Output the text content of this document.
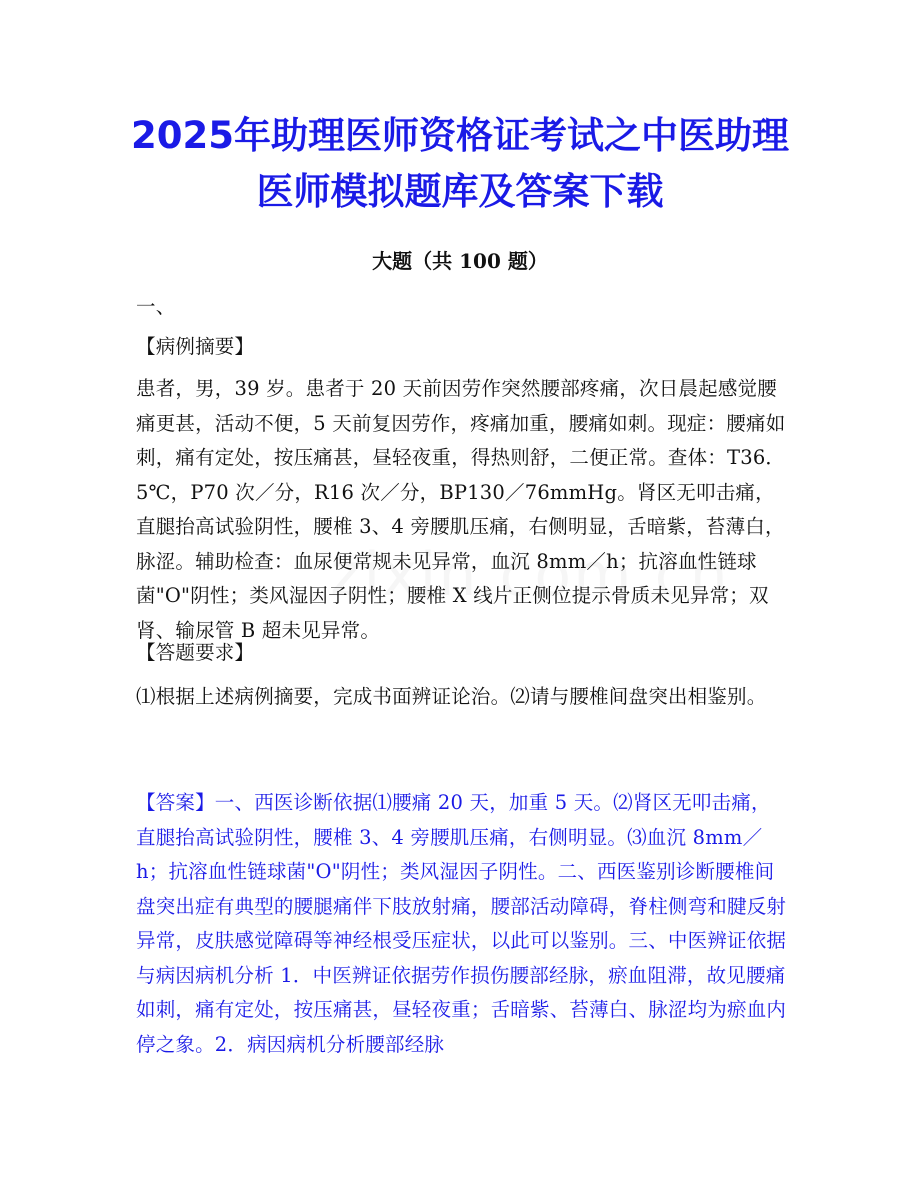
2025年助理医师资格证考试之中医助理
医师模拟题库及答案下载
大题（共 100 题）
一、
【病例摘要】
患者，男，39 岁。患者于 20 天前因劳作突然腰部疼痛，次日晨起感觉腰痛更甚，活动不便，5 天前复因劳作，疼痛加重，腰痛如刺。现症：腰痛如刺，痛有定处，按压痛甚，昼轻夜重，得热则舒，二便正常。查体：T36．5℃，P70 次／分，R16 次／分，BP130／76mmHg。肾区无叩击痛，直腿抬高试验阴性，腰椎 3、4 旁腰肌压痛，右侧明显，舌暗紫，苔薄白，脉涩。辅助检查：血尿便常规未见异常，血沉 8mm／h；抗溶血性链球菌"O"阴性；类风湿因子阴性；腰椎 X 线片正侧位提示骨质未见异常；双肾、输尿管 B 超未见异常。
【答题要求】
⑴根据上述病例摘要，完成书面辨证论治。⑵请与腰椎间盘突出相鉴别。
【答案】一、西医诊断依据⑴腰痛 20 天，加重 5 天。⑵肾区无叩击痛，直腿抬高试验阴性，腰椎 3、4 旁腰肌压痛，右侧明显。⑶血沉 8mm／h；抗溶血性链球菌"O"阴性；类风湿因子阴性。二、西医鉴别诊断腰椎间盘突出症有典型的腰腿痛伴下肢放射痛，腰部活动障碍，脊柱侧弯和腱反射异常，皮肤感觉障碍等神经根受压症状，以此可以鉴别。三、中医辨证依据与病因病机分析 1．中医辨证依据劳作损伤腰部经脉，瘀血阻滞，故见腰痛如刺，痛有定处，按压痛甚，昼轻夜重；舌暗紫、苔薄白、脉涩均为瘀血内停之象。2．病因病机分析腰部经脉
